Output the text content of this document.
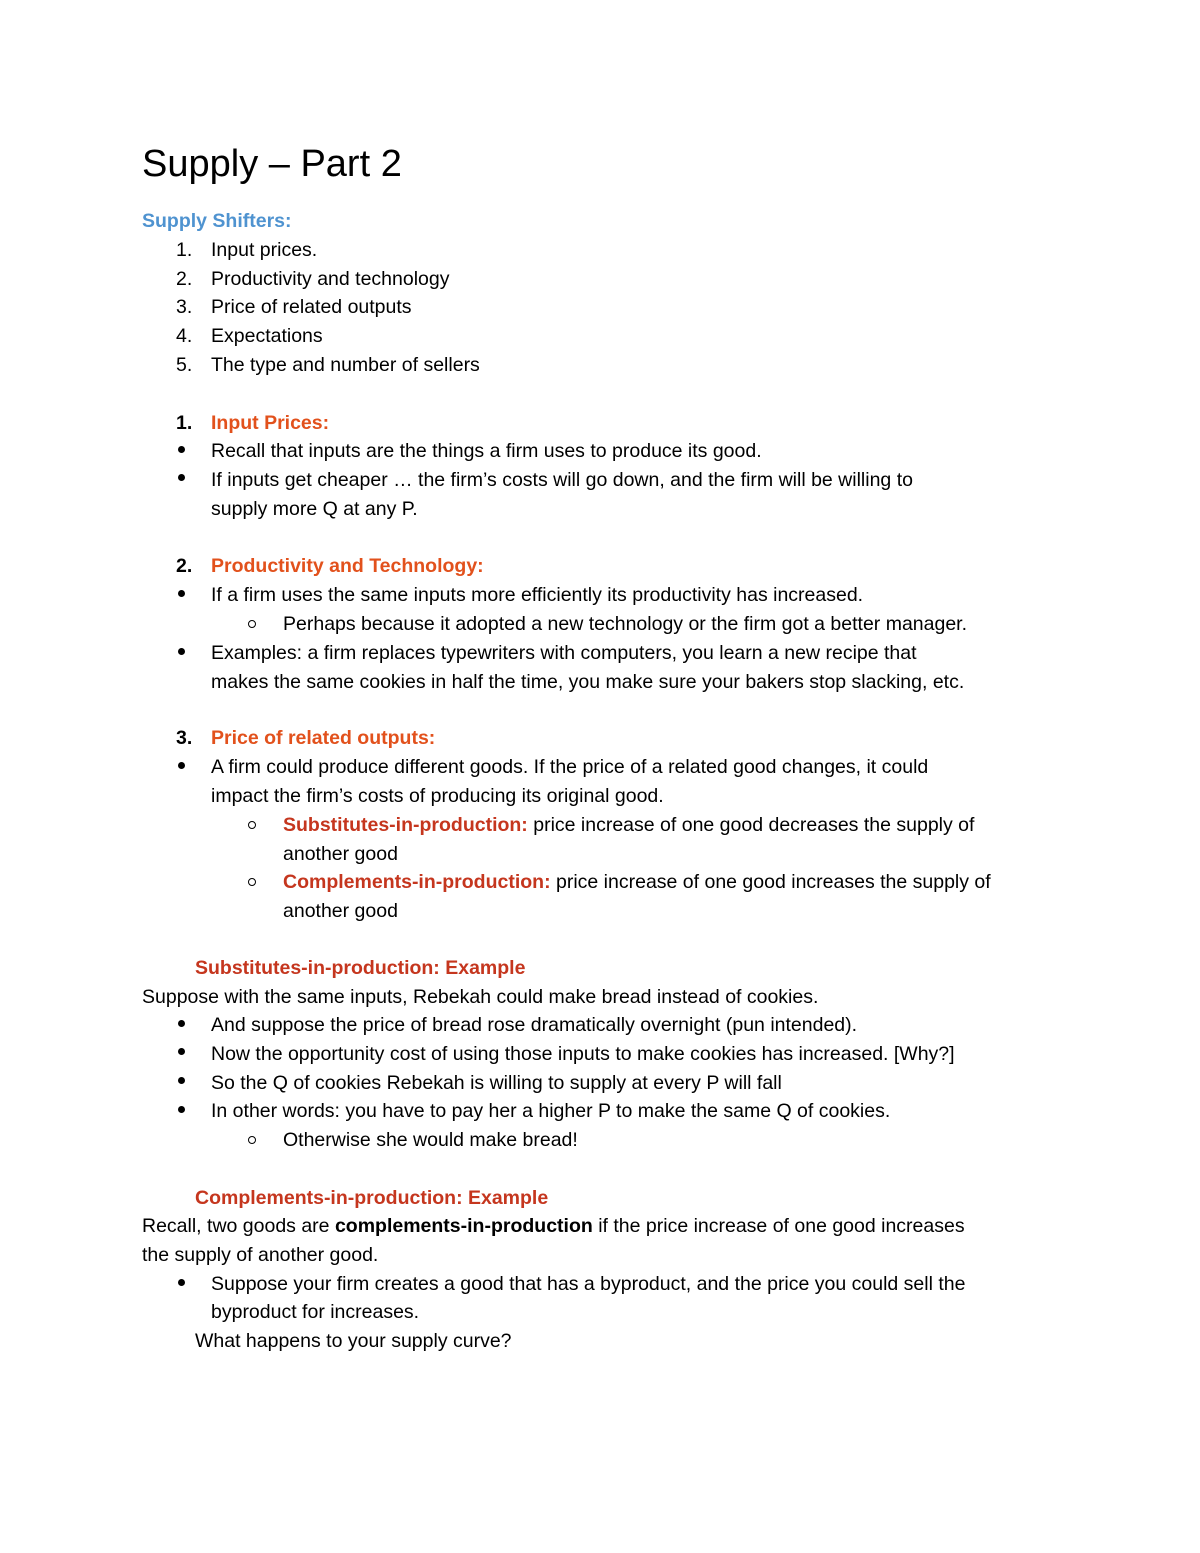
Supply – Part 2
Supply Shifters:
1. Input prices.
2. Productivity and technology
3. Price of related outputs
4. Expectations
5. The type and number of sellers
1. Input Prices:
Recall that inputs are the things a firm uses to produce its good.
If inputs get cheaper … the firm’s costs will go down, and the firm will be willing to
supply more Q at any P.
2. Productivity and Technology:
If a firm uses the same inputs more efficiently its productivity has increased.
Perhaps because it adopted a new technology or the firm got a better manager.
Examples: a firm replaces typewriters with computers, you learn a new recipe that
makes the same cookies in half the time, you make sure your bakers stop slacking, etc.
3. Price of related outputs:
A firm could produce different goods. If the price of a related good changes, it could
impact the firm’s costs of producing its original good.
Substitutes-in-production: price increase of one good decreases the supply of
another good
Complements-in-production: price increase of one good increases the supply of
another good
Substitutes-in-production: Example
Suppose with the same inputs, Rebekah could make bread instead of cookies.
And suppose the price of bread rose dramatically overnight (pun intended).
Now the opportunity cost of using those inputs to make cookies has increased. [Why?]
So the Q of cookies Rebekah is willing to supply at every P will fall
In other words: you have to pay her a higher P to make the same Q of cookies.
Otherwise she would make bread!
Complements-in-production: Example
Recall, two goods are complements-in-production if the price increase of one good increases
the supply of another good.
Suppose your firm creates a good that has a byproduct, and the price you could sell the
byproduct for increases.
What happens to your supply curve?
